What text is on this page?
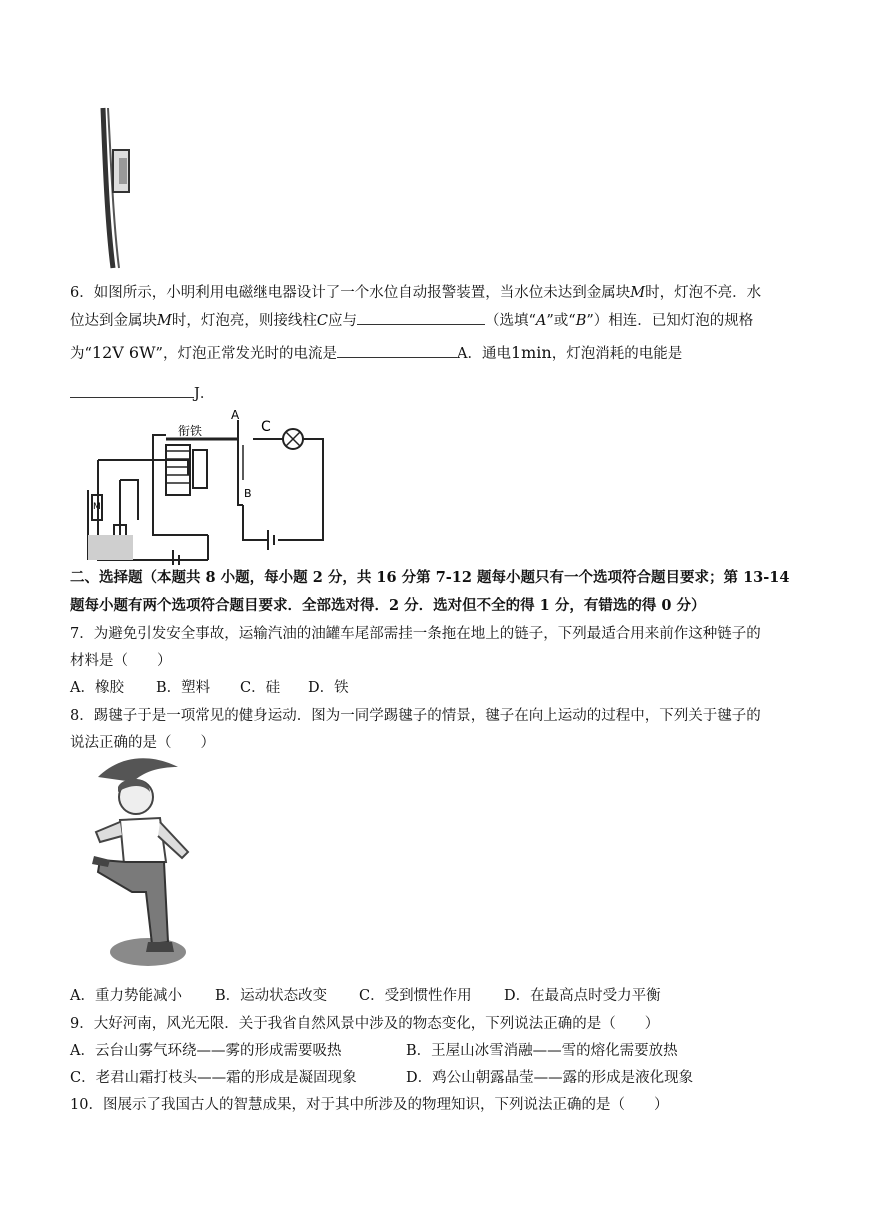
6．如图所示，小明利用电磁继电器设计了一个水位自动报警装置，当水位未达到金属块M时，灯泡不亮．水
位达到金属块M时，灯泡亮，则接线柱C应与	（选填“A”或“B”）相连．已知灯泡的规格
为“12V 6W”，灯泡正常发光时的电流是	A．通电1min，灯泡消耗的电能是
J．
衔铁
A
C
B
M
二、选择题（本题共 8 小题，每小题 2 分，共 16 分第 7-12 题每小题只有一个选项符合题目要求；第 13-14
题每小题有两个选项符合题目要求．全部选对得．2 分．选对但不全的得 1 分，有错选的得 0 分）
7．为避免引发安全事故，运输汽油的油罐车尾部需挂一条拖在地上的链子，下列最适合用来前作这种链子的
材料是（　　）
A．橡胶 B．塑料 C．硅 D．铁
8．踢毽子于是一项常见的健身运动．图为一同学踢毽子的情景，毽子在向上运动的过程中，下列关于毽子的
说法正确的是（　　）
A．重力势能减小 B．运动状态改变 C．受到惯性作用 D．在最高点时受力平衡
9．大好河南，风光无限．关于我省自然风景中涉及的物态变化，下列说法正确的是（　　）
A．云台山雾气环绕——雾的形成需要吸热	B．王屋山冰雪消融——雪的熔化需要放热
C．老君山霜打枝头——霜的形成是凝固现象	D．鸡公山朝露晶莹——露的形成是液化现象
10．图展示了我国古人的智慧成果，对于其中所涉及的物理知识，下列说法正确的是（　　）
